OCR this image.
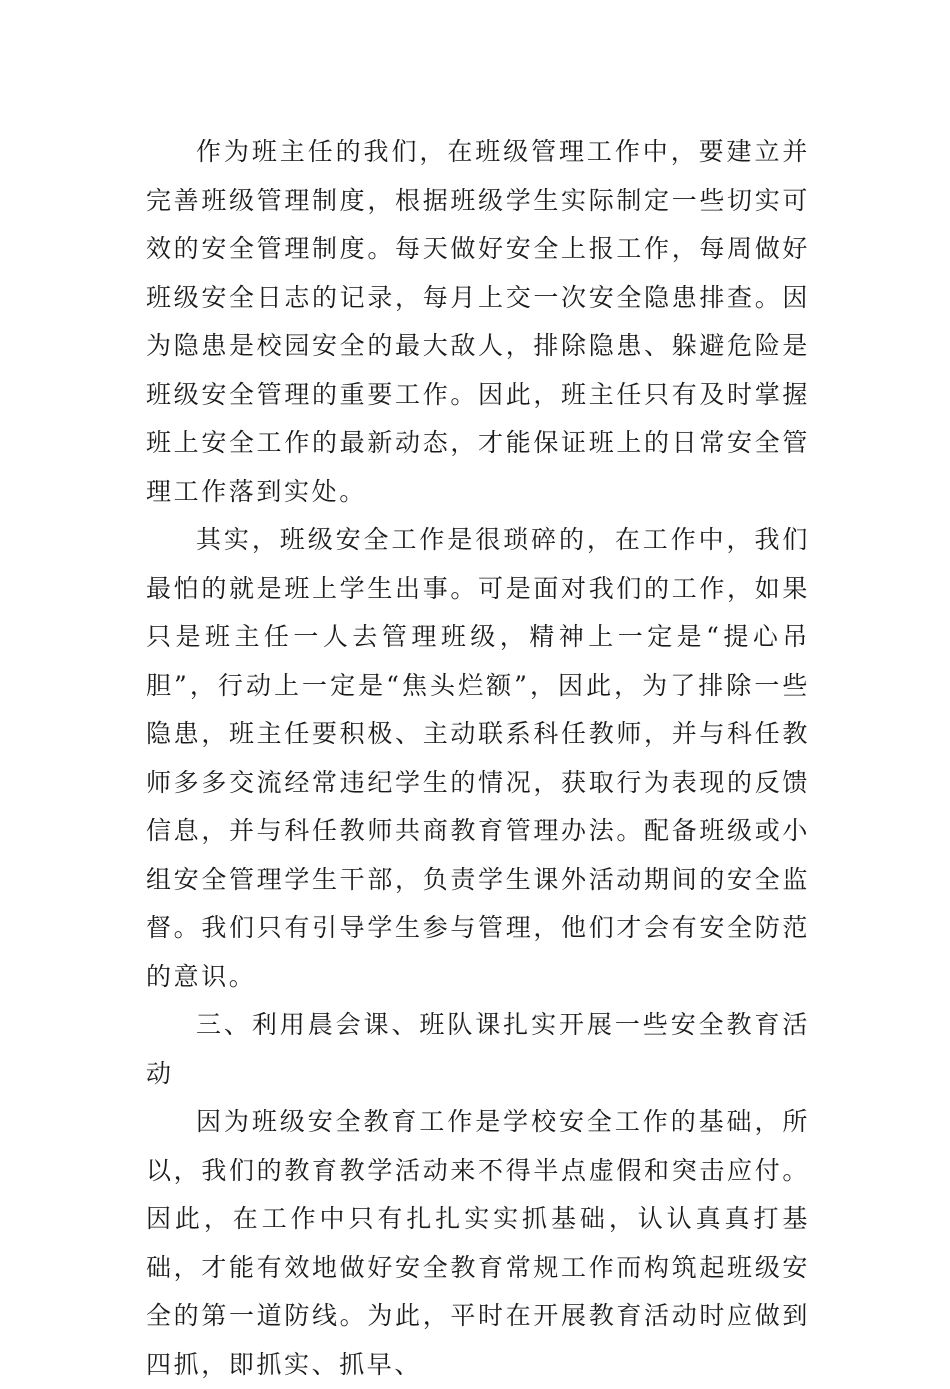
作为班主任的我们，在班级管理工作中，要建立并完善班级管理制度，根据班级学生实际制定一些切实可效的安全管理制度。每天做好安全上报工作，每周做好班级安全日志的记录，每月上交一次安全隐患排查。因为隐患是校园安全的最大敌人，排除隐患、躲避危险是班级安全管理的重要工作。因此，班主任只有及时掌握班上安全工作的最新动态，才能保证班上的日常安全管理工作落到实处。

其实，班级安全工作是很琐碎的，在工作中，我们最怕的就是班上学生出事。可是面对我们的工作，如果只是班主任一人去管理班级，精神上一定是“提心吊胆”，行动上一定是“焦头烂额”，因此，为了排除一些隐患，班主任要积极、主动联系科任教师，并与科任教师多多交流经常违纪学生的情况，获取行为表现的反馈信息，并与科任教师共商教育管理办法。配备班级或小组安全管理学生干部，负责学生课外活动期间的安全监督。我们只有引导学生参与管理，他们才会有安全防范的意识。

三、利用晨会课、班队课扎实开展一些安全教育活动

因为班级安全教育工作是学校安全工作的基础，所以，我们的教育教学活动来不得半点虚假和突击应付。因此，在工作中只有扎扎实实抓基础，认认真真打基础，才能有效地做好安全教育常规工作而构筑起班级安全的第一道防线。为此，平时在开展教育活动时应做到四抓，即抓实、抓早、
